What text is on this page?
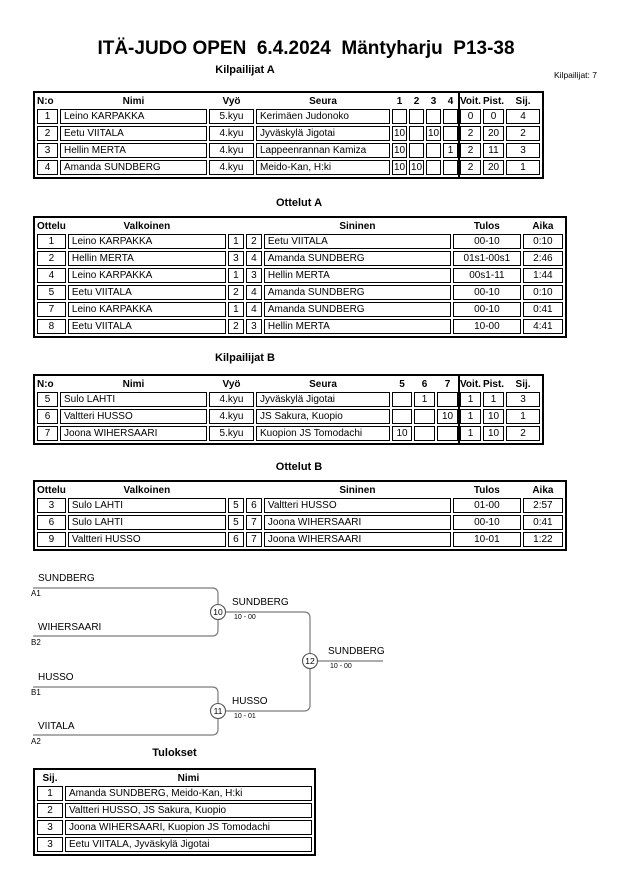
ITÄ-JUDO OPEN  6.4.2024  Mäntyharju  P13-38
Kilpailijat A	Kilpailijat: 7
N:o	Nimi	Vyö	Seura	1	2	3	4	Voit.	Pist.	Sij.
1	Leino KARPAKKA	5.kyu	Kerimäen Judonoko					0	0	4
2	Eetu VIITALA	4.kyu	Jyväskylä Jigotai	10		10		2	20	2
3	Hellin MERTA	4.kyu	Lappeenrannan Kamiza	10			1	2	11	3
4	Amanda SUNDBERG	4.kyu	Meido-Kan, H:ki	10	10			2	20	1
Ottelut A
Ottelu	Valkoinen			Sininen	Tulos	Aika
1	Leino KARPAKKA	1	2	Eetu VIITALA	00-10	0:10
2	Hellin MERTA	3	4	Amanda SUNDBERG	01s1-00s1	2:46
4	Leino KARPAKKA	1	3	Hellin MERTA	00s1-11	1:44
5	Eetu VIITALA	2	4	Amanda SUNDBERG	00-10	0:10
7	Leino KARPAKKA	1	4	Amanda SUNDBERG	00-10	0:41
8	Eetu VIITALA	2	3	Hellin MERTA	10-00	4:41
Kilpailijat B
N:o	Nimi	Vyö	Seura	5	6	7	Voit.	Pist.	Sij.
5	Sulo LAHTI	4.kyu	Jyväskylä Jigotai		1		1	1	3
6	Valtteri HUSSO	4.kyu	JS Sakura, Kuopio			10	1	10	1
7	Joona WIHERSAARI	5.kyu	Kuopion JS Tomodachi	10			1	10	2
Ottelut B
Ottelu	Valkoinen			Sininen	Tulos	Aika
3	Sulo LAHTI	5	6	Valtteri HUSSO	01-00	2:57
6	Sulo LAHTI	5	7	Joona WIHERSAARI	00-10	0:41
9	Valtteri HUSSO	6	7	Joona WIHERSAARI	10-01	1:22
10
11
12
SUNDBERG
A1
WIHERSAARI
B2
SUNDBERG
10 - 00
HUSSO
B1
VIITALA
A2
HUSSO
10 - 01
SUNDBERG
10 - 00
Tulokset
Sij.	Nimi
1	Amanda SUNDBERG, Meido-Kan, H:ki
2	Valtteri HUSSO, JS Sakura, Kuopio
3	Joona WIHERSAARI, Kuopion JS Tomodachi
3	Eetu VIITALA, Jyväskylä Jigotai
